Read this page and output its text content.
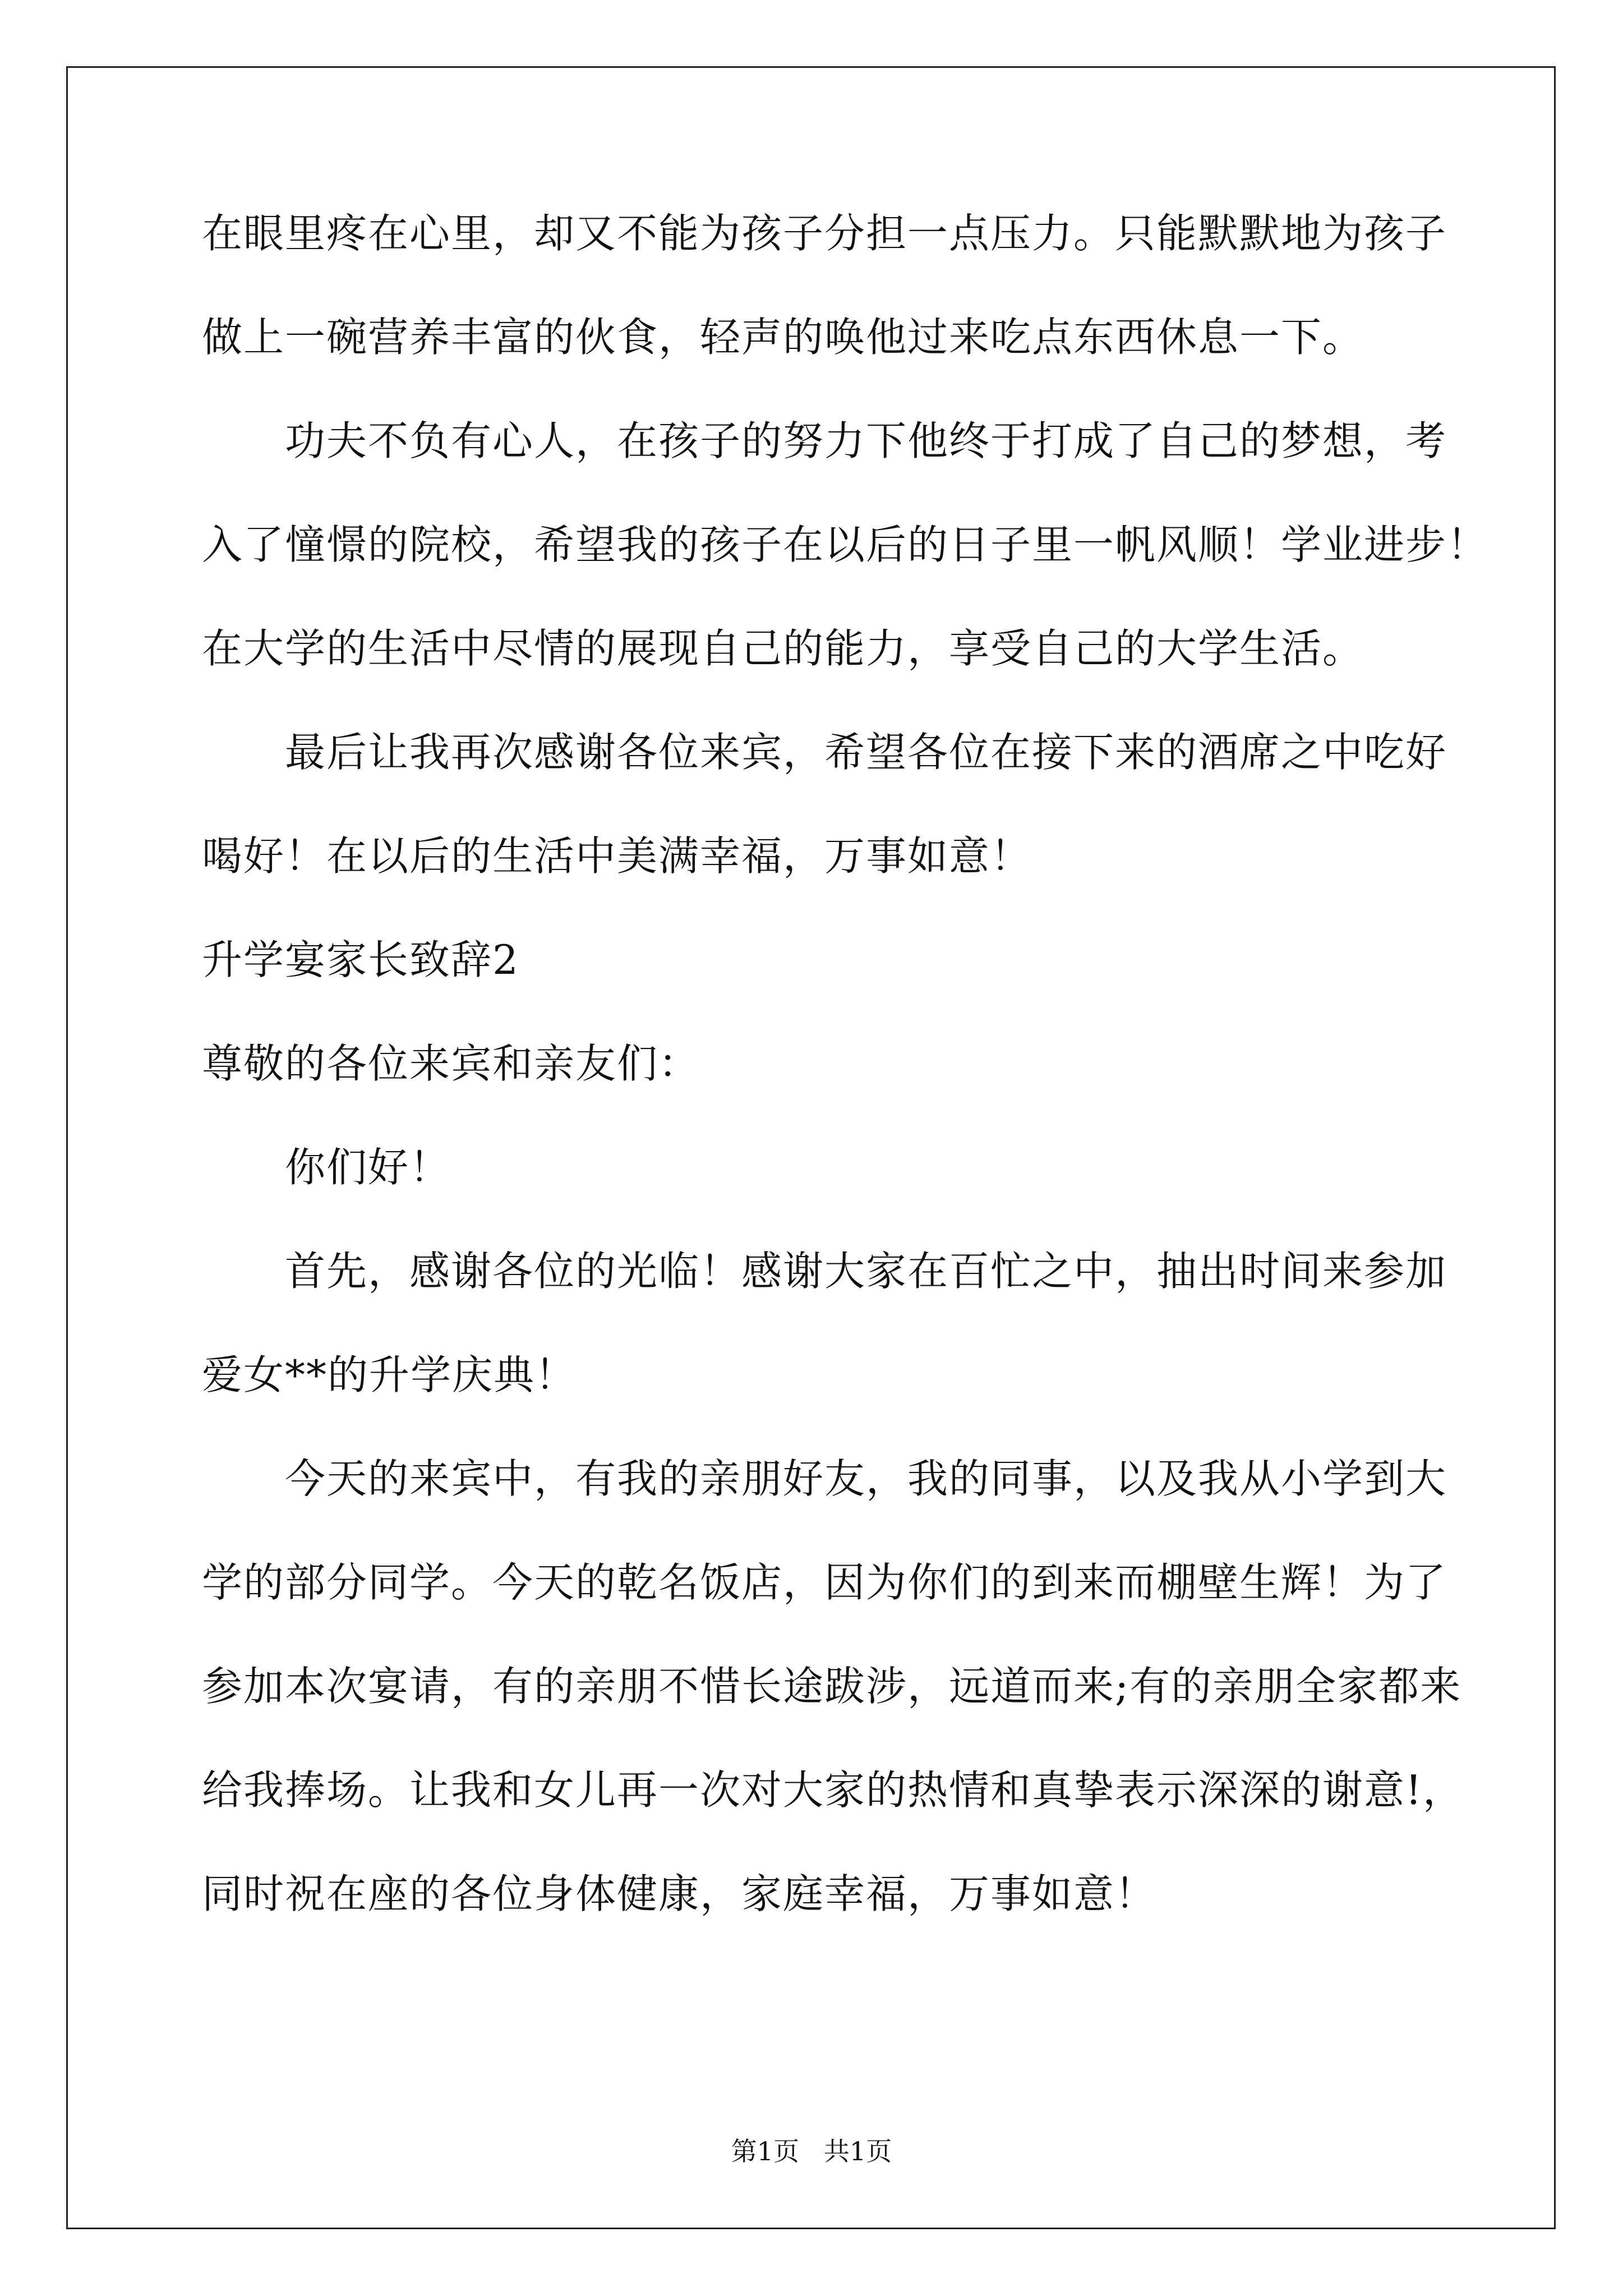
在眼里疼在心里，却又不能为孩子分担一点压力。只能默默地为孩子
做上一碗营养丰富的伙食，轻声的唤他过来吃点东西休息一下。
功夫不负有心人，在孩子的努力下他终于打成了自己的梦想，考
入了憧憬的院校，希望我的孩子在以后的日子里一帆风顺！学业进步！
在大学的生活中尽情的展现自己的能力，享受自己的大学生活。
最后让我再次感谢各位来宾，希望各位在接下来的酒席之中吃好
喝好！在以后的生活中美满幸福，万事如意！
升学宴家长致辞2
尊敬的各位来宾和亲友们：
你们好！
首先，感谢各位的光临！感谢大家在百忙之中，抽出时间来参加
爱女**的升学庆典！
今天的来宾中，有我的亲朋好友，我的同事，以及我从小学到大
学的部分同学。今天的乾名饭店，因为你们的到来而棚壁生辉！为了
参加本次宴请，有的亲朋不惜长途跋涉，远道而来;有的亲朋全家都来
给我捧场。让我和女儿再一次对大家的热情和真挚表示深深的谢意!，
同时祝在座的各位身体健康，家庭幸福，万事如意！
第1页   共1页
